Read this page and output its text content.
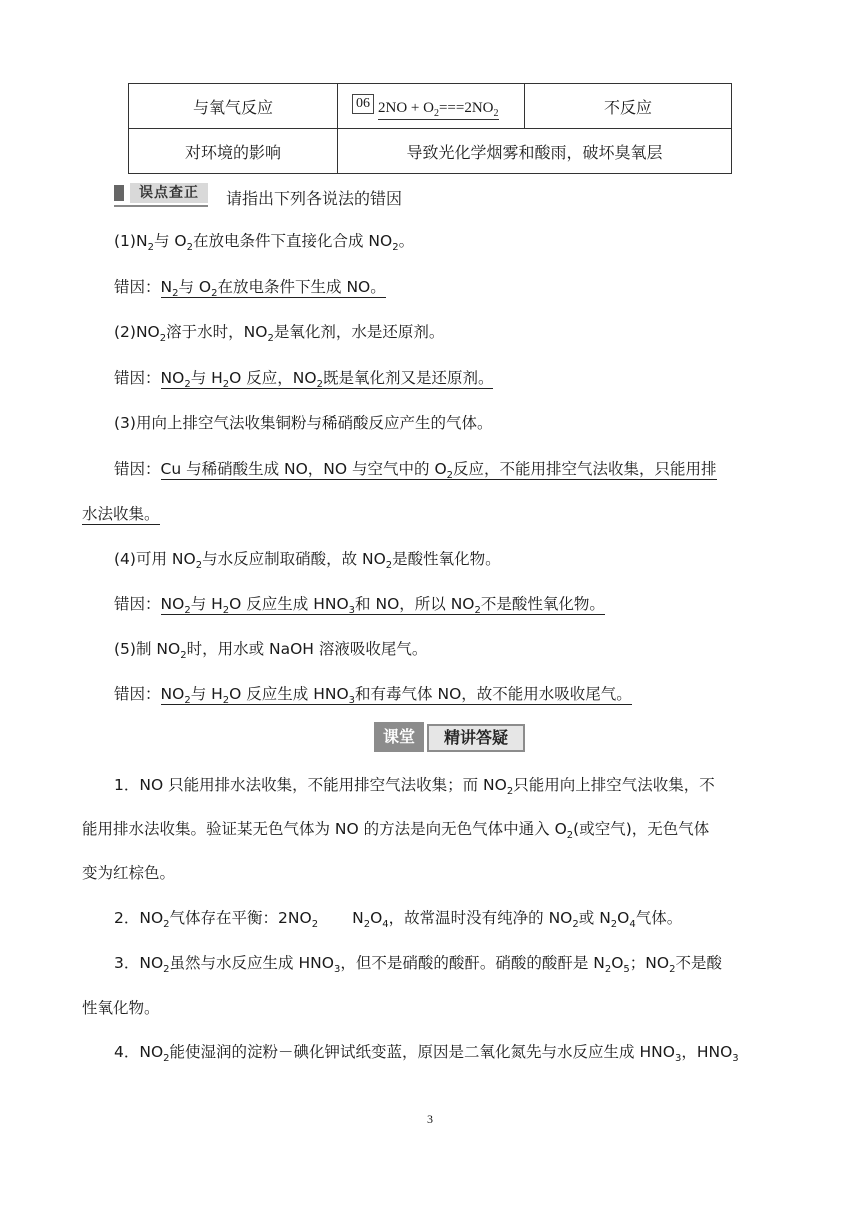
与氧气反应	06 $2NO + O_2===2NO_2$	不反应
对环境的影响	导致光化学烟雾和酸雨，破坏臭氧层	
误点查正	请指出下列各说法的错因
$(1)N_2$与 $O_2$在放电条件下直接化合成 $NO_2$。
错因：$N_2$与 $O_2$在放电条件下生成 NO。
$(2)NO_2$溶于水时，$NO_2$是氧化剂，水是还原剂。
错因：$NO_2$与 $H_2O$ 反应，$NO_2$既是氧化剂又是还原剂。
(3)用向上排空气法收集铜粉与稀硝酸反应产生的气体。
错因：Cu 与稀硝酸生成 NO，NO 与空气中的 $O_2$反应，不能用排空气法收集，只能用排
水法收集。
(4)可用 $NO_2$与水反应制取硝酸，故 $NO_2$是酸性氧化物。
错因：$NO_2$与 $H_2O$ 反应生成 $HNO_3$和 NO，所以 $NO_2$不是酸性氧化物。
(5)制 $NO_2$时，用水或 NaOH 溶液吸收尾气。
错因：$NO_2$与 $H_2O$ 反应生成 $HNO_3$和有毒气体 NO，故不能用水吸收尾气。
课堂	精讲答疑
1．NO 只能用排水法收集，不能用排空气法收集；而 $NO_2$只能用向上排空气法收集，不
能用排水法收集。验证某无色气体为 NO 的方法是向无色气体中通入 $O_2$(或空气)，无色气体
变为红棕色。
2．$NO_2$气体存在平衡：$2NO_2$ $N_2O_4$，故常温时没有纯净的 $NO_2$或 $N_2O_4$气体。
3．$NO_2$虽然与水反应生成 $HNO_3$，但不是硝酸的酸酐。硝酸的酸酐是 $N_2O_5$；$NO_2$不是酸
性氧化物。
4．$NO_2$能使湿润的淀粉－碘化钾试纸变蓝，原因是二氧化氮先与水反应生成 $HNO_3$，$HNO_3$
3
